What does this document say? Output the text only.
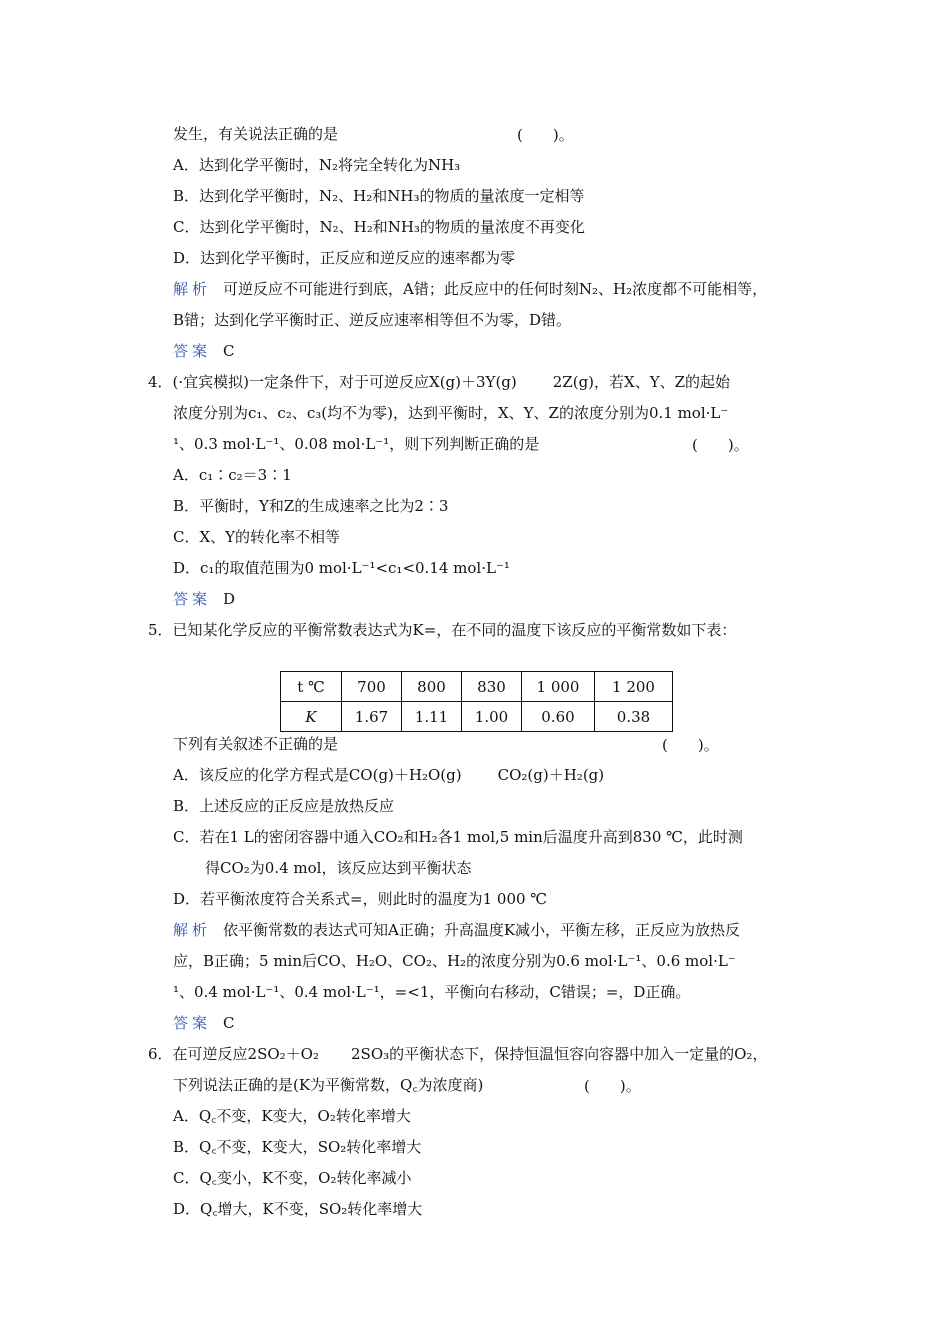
发生，有关说法正确的是	(　　)。
A．达到化学平衡时，N₂将完全转化为NH₃
B．达到化学平衡时，N₂、H₂和NH₃的物质的量浓度一定相等
C．达到化学平衡时，N₂、H₂和NH₃的物质的量浓度不再变化
D．达到化学平衡时，正反应和逆反应的速率都为零
解析 可逆反应不可能进行到底，A错；此反应中的任何时刻N₂、H₂浓度都不可能相等，
B错；达到化学平衡时正、逆反应速率相等但不为零，D错。
答案 C
4．(·宜宾模拟)一定条件下，对于可逆反应X(g)＋3Y(g) 2Z(g)，若X、Y、Z的起始
浓度分别为c₁、c₂、c₃(均不为零)，达到平衡时，X、Y、Z的浓度分别为0.1 mol·L⁻
¹、0.3 mol·L⁻¹、0.08 mol·L⁻¹，则下列判断正确的是	(　　)。
A．c₁∶c₂＝3∶1
B．平衡时，Y和Z的生成速率之比为2∶3
C．X、Y的转化率不相等
D．c₁的取值范围为0 mol·L⁻¹<c₁<0.14 mol·L⁻¹
答案 D
5．已知某化学反应的平衡常数表达式为K=，在不同的温度下该反应的平衡常数如下表：
t ℃	700	800	830	1 000	1 200
K	1.67	1.11	1.00	0.60	0.38
下列有关叙述不正确的是	(　　)。
A．该反应的化学方程式是CO(g)＋H₂O(g) CO₂(g)＋H₂(g)
B．上述反应的正反应是放热反应
C．若在1 L的密闭容器中通入CO₂和H₂各1 mol,5 min后温度升高到830 ℃，此时测
得CO₂为0.4 mol，该反应达到平衡状态
D．若平衡浓度符合关系式=，则此时的温度为1 000 ℃
解析 依平衡常数的表达式可知A正确；升高温度K减小，平衡左移，正反应为放热反
应，B正确；5 min后CO、H₂O、CO₂、H₂的浓度分别为0.6 mol·L⁻¹、0.6 mol·L⁻
¹、0.4 mol·L⁻¹、0.4 mol·L⁻¹，=<1，平衡向右移动，C错误；=，D正确。
答案 C
6．在可逆反应2SO₂＋O₂ 2SO₃的平衡状态下，保持恒温恒容向容器中加入一定量的O₂，
下列说法正确的是(K为平衡常数，Q꜀为浓度商)	(　　)。
A．Q꜀不变，K变大，O₂转化率增大
B．Q꜀不变，K变大，SO₂转化率增大
C．Q꜀变小，K不变，O₂转化率减小
D．Q꜀增大，K不变，SO₂转化率增大
